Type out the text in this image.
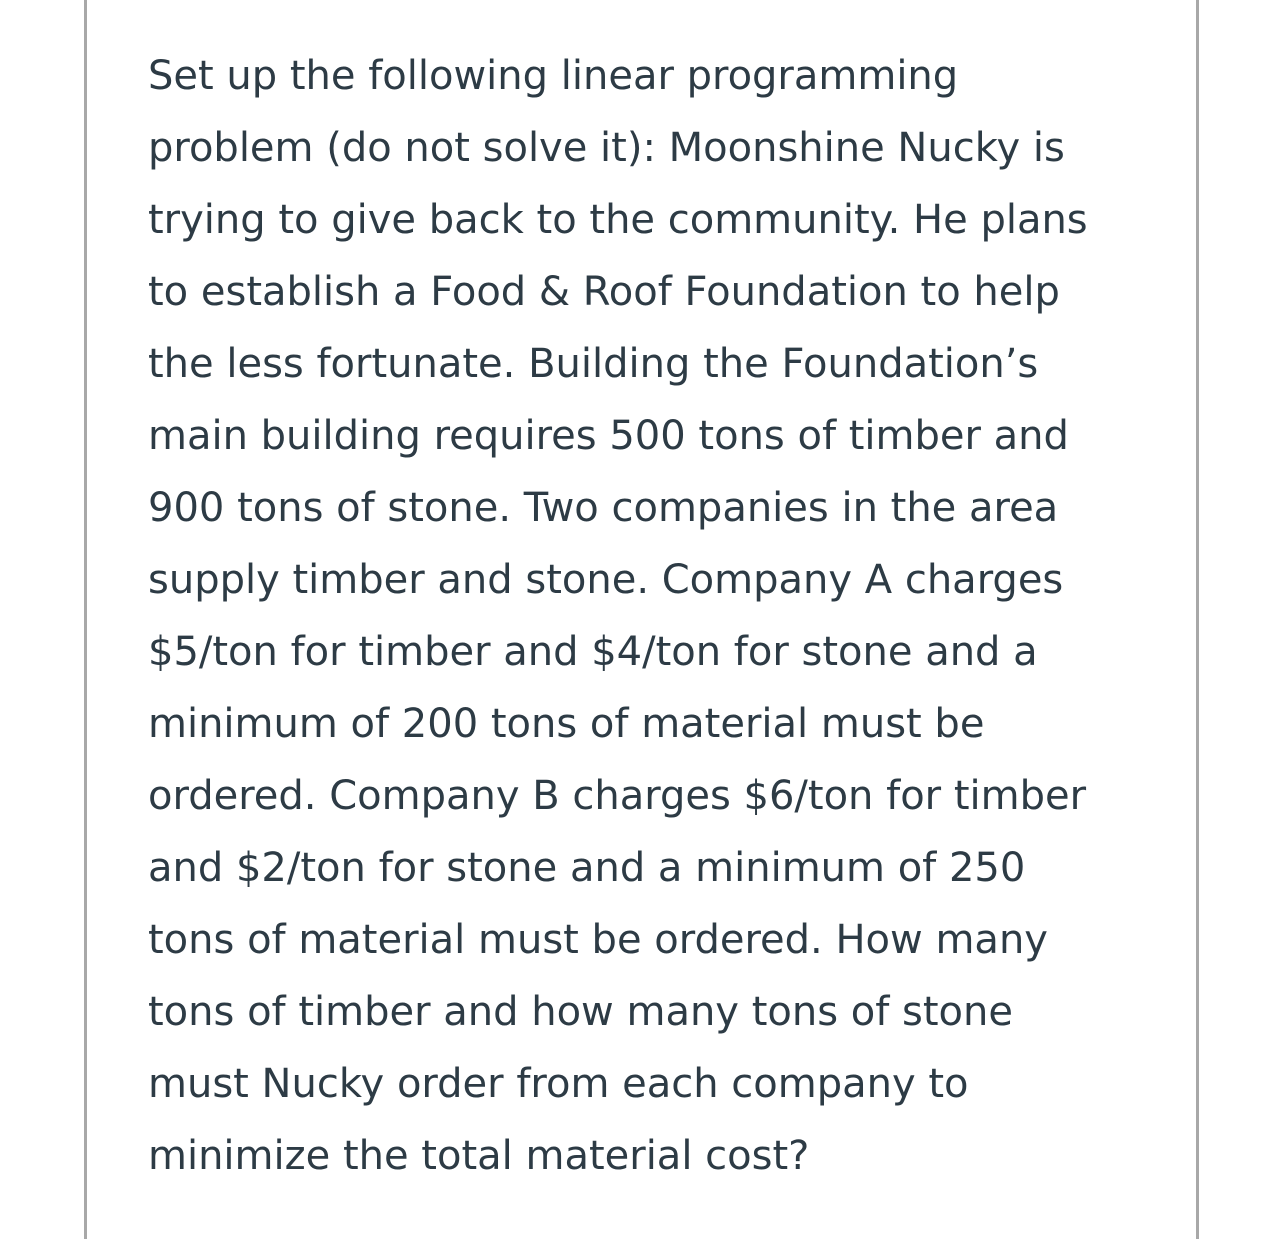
Set up the following linear programming
problem (do not solve it): Moonshine Nucky is
trying to give back to the community. He plans
to establish a Food & Roof Foundation to help
the less fortunate. Building the Foundation’s
main building requires 500 tons of timber and
900 tons of stone. Two companies in the area
supply timber and stone. Company A charges
$5/ton for timber and $4/ton for stone and a
minimum of 200 tons of material must be
ordered. Company B charges $6/ton for timber
and $2/ton for stone and a minimum of 250
tons of material must be ordered. How many
tons of timber and how many tons of stone
must Nucky order from each company to
minimize the total material cost?
